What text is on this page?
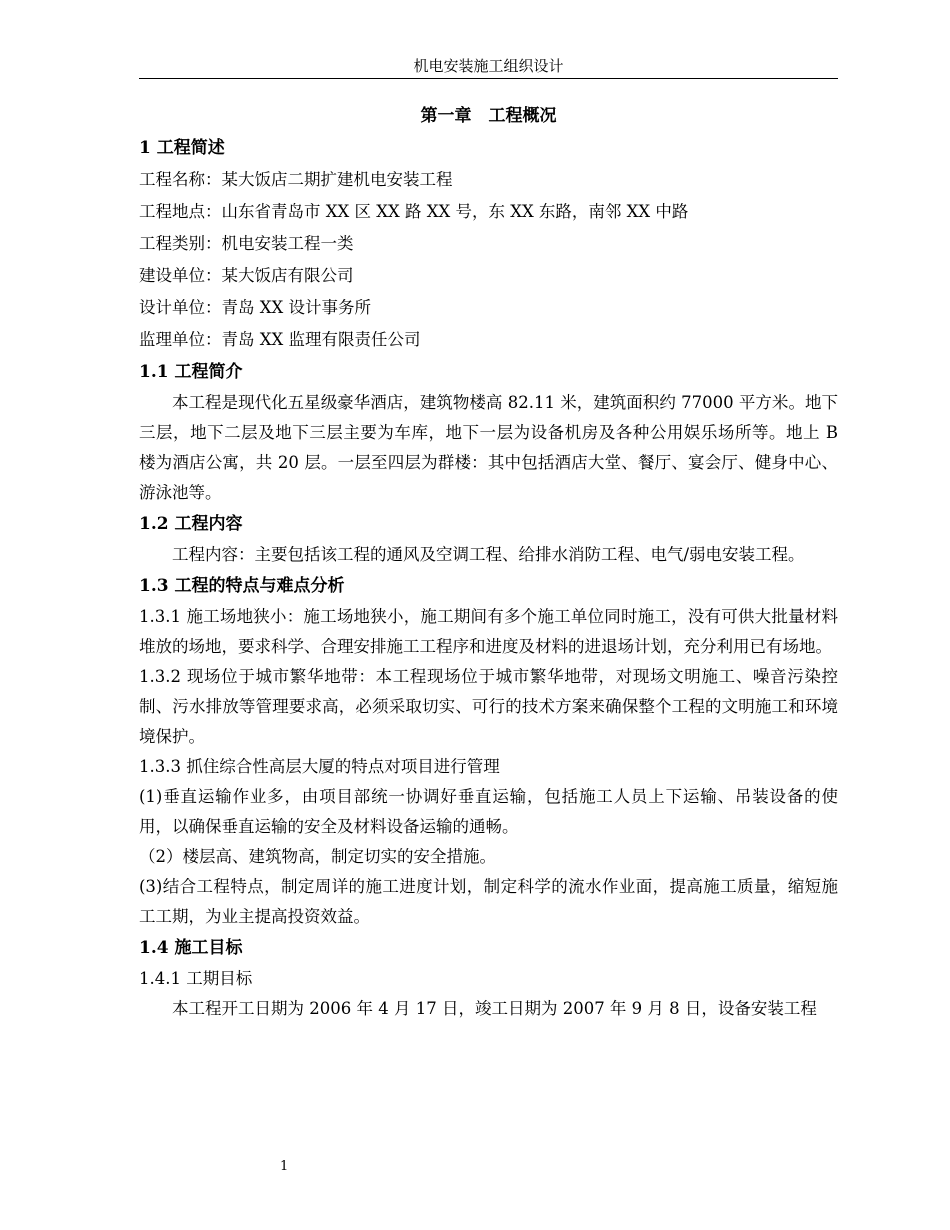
机电安装施工组织设计

第一章　工程概况

1 工程简述

工程名称：某大饭店二期扩建机电安装工程

工程地点：山东省青岛市 XX 区 XX 路 XX 号，东 XX 东路，南邻 XX 中路

工程类别：机电安装工程一类

建设单位：某大饭店有限公司

设计单位：青岛 XX 设计事务所

监理单位：青岛 XX 监理有限责任公司

1.1 工程简介

本工程是现代化五星级豪华酒店，建筑物楼高 82.11 米，建筑面积约 77000 平方米。地下三层，地下二层及地下三层主要为车库，地下一层为设备机房及各种公用娱乐场所等。地上 B 楼为酒店公寓，共 20 层。一层至四层为群楼：其中包括酒店大堂、餐厅、宴会厅、健身中心、游泳池等。

1.2 工程内容

工程内容：主要包括该工程的通风及空调工程、给排水消防工程、电气/弱电安装工程。

1.3 工程的特点与难点分析

1.3.1 施工场地狭小：施工场地狭小，施工期间有多个施工单位同时施工，没有可供大批量材料堆放的场地，要求科学、合理安排施工工程序和进度及材料的进退场计划，充分利用已有场地。

1.3.2 现场位于城市繁华地带：本工程现场位于城市繁华地带，对现场文明施工、噪音污染控制、污水排放等管理要求高，必须采取切实、可行的技术方案来确保整个工程的文明施工和环境境保护。

1.3.3 抓住综合性高层大厦的特点对项目进行管理

(1)垂直运输作业多，由项目部统一协调好垂直运输，包括施工人员上下运输、吊装设备的使用，以确保垂直运输的安全及材料设备运输的通畅。

（2）楼层高、建筑物高，制定切实的安全措施。

(3)结合工程特点，制定周详的施工进度计划，制定科学的流水作业面，提高施工质量，缩短施工工期，为业主提高投资效益。

1.4 施工目标

1.4.1 工期目标

本工程开工日期为 2006 年 4 月 17 日，竣工日期为 2007 年 9 月 8 日，设备安装工程

1
